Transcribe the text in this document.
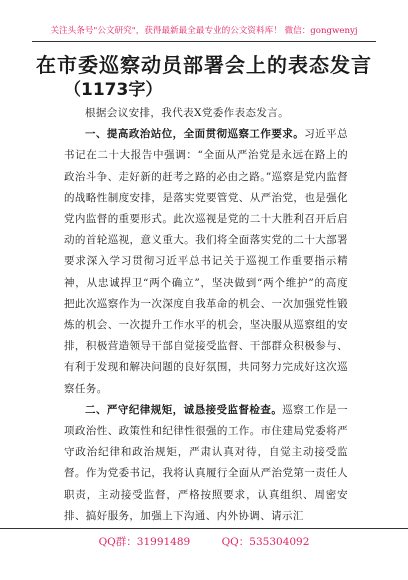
关注头条号"公文研究"，获得最新最全最专业的公文资料库！ 微信：gongwenyj
在市委巡察动员部署会上的表态发言
（1173字）

根据会议安排，我代表X党委作表态发言。

一、提高政治站位，全面贯彻巡察工作要求。习近平总书记在二十大报告中强调：“全面从严治党是永远在路上的政治斗争、走好新的赶考之路的必由之路。”巡察是党内监督的战略性制度安排，是落实党要管党、从严治党，也是强化党内监督的重要形式。此次巡视是党的二十大胜利召开后启动的首轮巡视，意义重大。我们将全面落实党的二十大部署要求深入学习贯彻习近平总书记关于巡视工作重要指示精神，从忠诚捍卫“两个确立”，坚决做到“两个维护”的高度把此次巡察作为一次深度自我革命的机会、一次加强党性锻炼的机会、一次提升工作水平的机会，坚决服从巡察组的安排，积极营造领导干部自觉接受监督、干部群众积极参与、有利于发现和解决问题的良好氛围，共同努力完成好这次巡察任务。

二、严守纪律规矩，诚恳接受监督检查。巡察工作是一项政治性、政策性和纪律性很强的工作。市住建局党委将严守政治纪律和政治规矩，严肃认真对待，自觉主动接受监督。作为党委书记，我将认真履行全面从严治党第一责任人职责，主动接受监督，严格按照要求，认真组织、周密安排、搞好服务，加强上下沟通、内外协调、请示汇

QQ群：31991489	QQ：535304092
